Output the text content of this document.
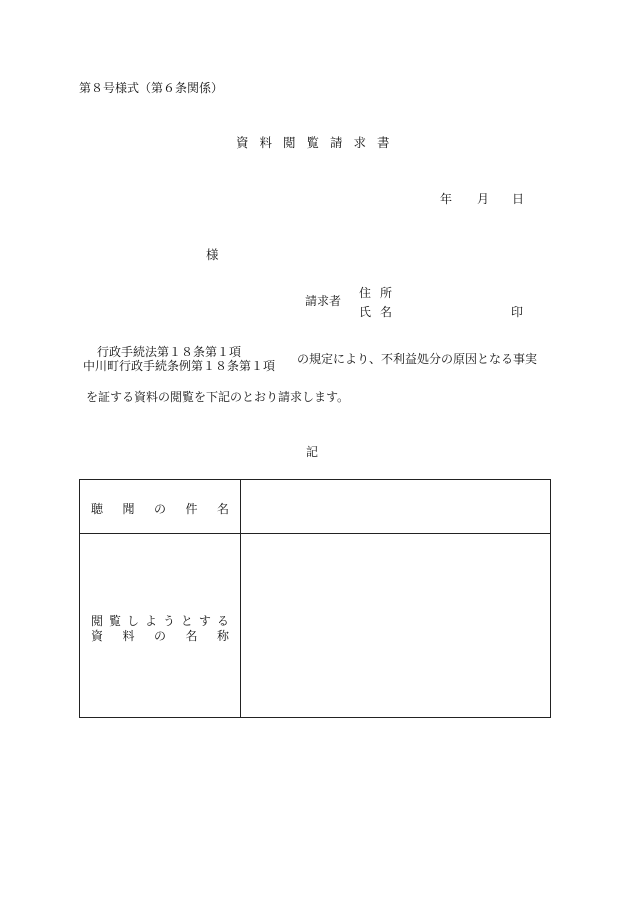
第８号様式（第６条関係）
資料閲覧請求書
年 月 日
様
請求者
住所
氏名	印
行政手続法第１８条第１項
中川町行政手続条例第１８条第１項 の規定により、不利益処分の原因となる事実
を証する資料の閲覧を下記のとおり請求します。
記
聴 聞 の 件 名
閲 覧 し よ う と す る
資 料 の 名 称
